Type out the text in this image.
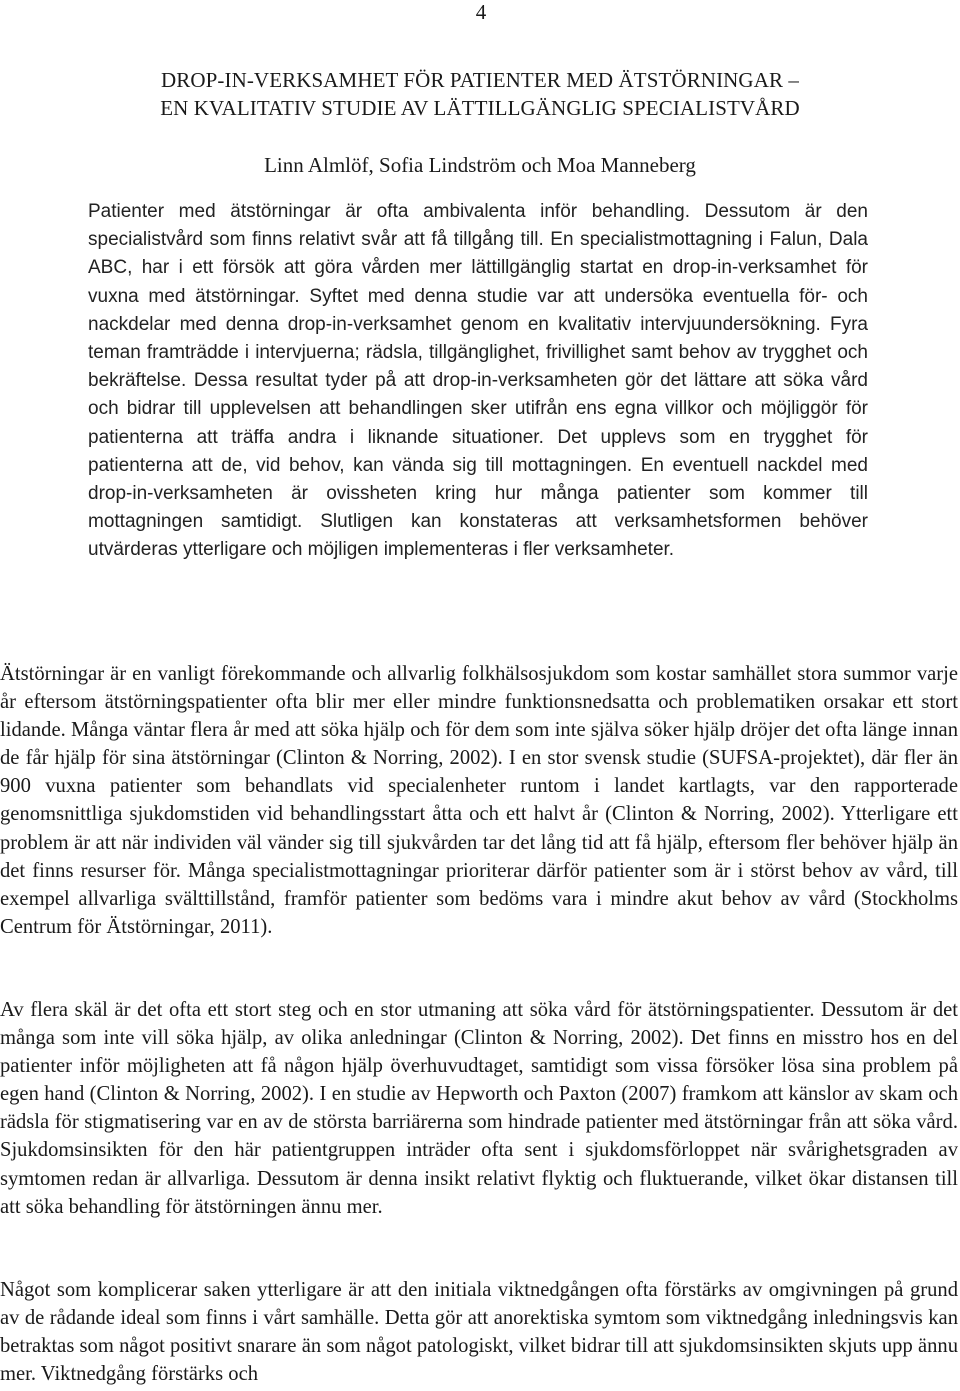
4
DROP-IN-VERKSAMHET FÖR PATIENTER MED ÄTSTÖRNINGAR –
EN KVALITATIV STUDIE AV LÄTTILLGÄNGLIG SPECIALISTVÅRD
Linn Almlöf, Sofia Lindström och Moa Manneberg

Patienter med ätstörningar är ofta ambivalenta inför behandling. Dessutom är den specialistvård som finns relativt svår att få tillgång till. En specialistmottagning i Falun, Dala ABC, har i ett försök att göra vården mer lättillgänglig startat en drop-in-verksamhet för vuxna med ätstörningar. Syftet med denna studie var att undersöka eventuella för- och nackdelar med denna drop-in-verksamhet genom en kvalitativ intervjuundersökning. Fyra teman framträdde i intervjuerna; rädsla, tillgänglighet, frivillighet samt behov av trygghet och bekräftelse. Dessa resultat tyder på att drop-in-verksamheten gör det lättare att söka vård och bidrar till upplevelsen att behandlingen sker utifrån ens egna villkor och möjliggör för patienterna att träffa andra i liknande situationer. Det upplevs som en trygghet för patienterna att de, vid behov, kan vända sig till mottagningen. En eventuell nackdel med drop-in-verksamheten är ovissheten kring hur många patienter som kommer till mottagningen samtidigt. Slutligen kan konstateras att verksamhetsformen behöver utvärderas ytterligare och möjligen implementeras i fler verksamheter.

Ätstörningar är en vanligt förekommande och allvarlig folkhälsosjukdom som kostar samhället stora summor varje år eftersom ätstörningspatienter ofta blir mer eller mindre funktionsnedsatta och problematiken orsakar ett stort lidande. Många väntar flera år med att söka hjälp och för dem som inte själva söker hjälp dröjer det ofta länge innan de får hjälp för sina ätstörningar (Clinton & Norring, 2002). I en stor svensk studie (SUFSA-projektet), där fler än 900 vuxna patienter som behandlats vid specialenheter runtom i landet kartlagts, var den rapporterade genomsnittliga sjukdomstiden vid behandlingsstart åtta och ett halvt år (Clinton & Norring, 2002). Ytterligare ett problem är att när individen väl vänder sig till sjukvården tar det lång tid att få hjälp, eftersom fler behöver hjälp än det finns resurser för. Många specialistmottagningar prioriterar därför patienter som är i störst behov av vård, till exempel allvarliga svälttillstånd, framför patienter som bedöms vara i mindre akut behov av vård (Stockholms Centrum för Ätstörningar, 2011).

Av flera skäl är det ofta ett stort steg och en stor utmaning att söka vård för ätstörningspatienter. Dessutom är det många som inte vill söka hjälp, av olika anledningar (Clinton & Norring, 2002). Det finns en misstro hos en del patienter inför möjligheten att få någon hjälp överhuvudtaget, samtidigt som vissa försöker lösa sina problem på egen hand (Clinton & Norring, 2002). I en studie av Hepworth och Paxton (2007) framkom att känslor av skam och rädsla för stigmatisering var en av de största barriärerna som hindrade patienter med ätstörningar från att söka vård. Sjukdomsinsikten för den här patientgruppen inträder ofta sent i sjukdomsförloppet när svårighetsgraden av symtomen redan är allvarliga. Dessutom är denna insikt relativt flyktig och fluktuerande, vilket ökar distansen till att söka behandling för ätstörningen ännu mer.

Något som komplicerar saken ytterligare är att den initiala viktnedgången ofta förstärks av omgivningen på grund av de rådande ideal som finns i vårt samhälle. Detta gör att anorektiska symtom som viktnedgång inledningsvis kan betraktas som något positivt snarare än som något patologiskt, vilket bidrar till att sjukdomsinsikten skjuts upp ännu mer. Viktnedgång förstärks och
